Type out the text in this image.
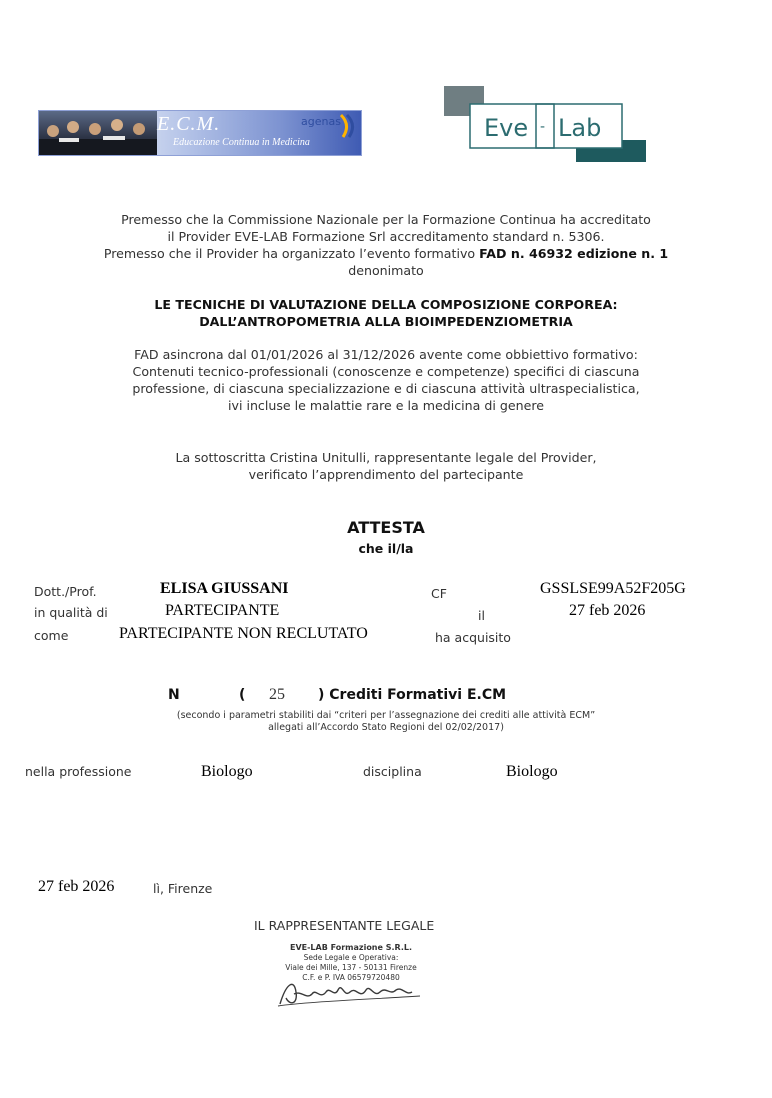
E.C.M.
Educazione Continua in Medicina
agenas	Eve - Lab
Premesso che la Commissione Nazionale per la Formazione Continua ha accreditato
il Provider EVE-LAB Formazione Srl accreditamento standard n. 5306.
Premesso che il Provider ha organizzato l’evento formativo FAD n. 46932 edizione n. 1
denonimato
LE TECNICHE DI VALUTAZIONE DELLA COMPOSIZIONE CORPOREA:
DALL’ANTROPOMETRIA ALLA BIOIMPEDENZIOMETRIA
FAD asincrona dal 01/01/2026 al 31/12/2026 avente come obbiettivo formativo:
Contenuti tecnico-professionali (conoscenze e competenze) specifici di ciascuna
professione, di ciascuna specializzazione e di ciascuna attività ultraspecialistica,
ivi incluse le malattie rare e la medicina di genere
La sottoscritta Cristina Unitulli, rappresentante legale del Provider,
verificato l’apprendimento del partecipante
ATTESTA
che il/la
Dott./Prof.	ELISA GIUSSANI	CF	GSSLSE99A52F205G
in qualità di	PARTECIPANTE	il	27 feb 2026
come	PARTECIPANTE NON RECLUTATO	ha acquisito
N	( 25 ) Crediti Formativi E.CM
(secondo i parametri stabiliti dai “criteri per l’assegnazione dei crediti alle attività ECM”
allegati all’Accordo Stato Regioni del 02/02/2017)
nella professione	Biologo	disciplina	Biologo
27 feb 2026	lì, Firenze
IL RAPPRESENTANTE LEGALE
EVE-LAB Formazione S.R.L.
Sede Legale e Operativa:
Viale dei Mille, 137 - 50131 Firenze
C.F. e P. IVA 06579720480
